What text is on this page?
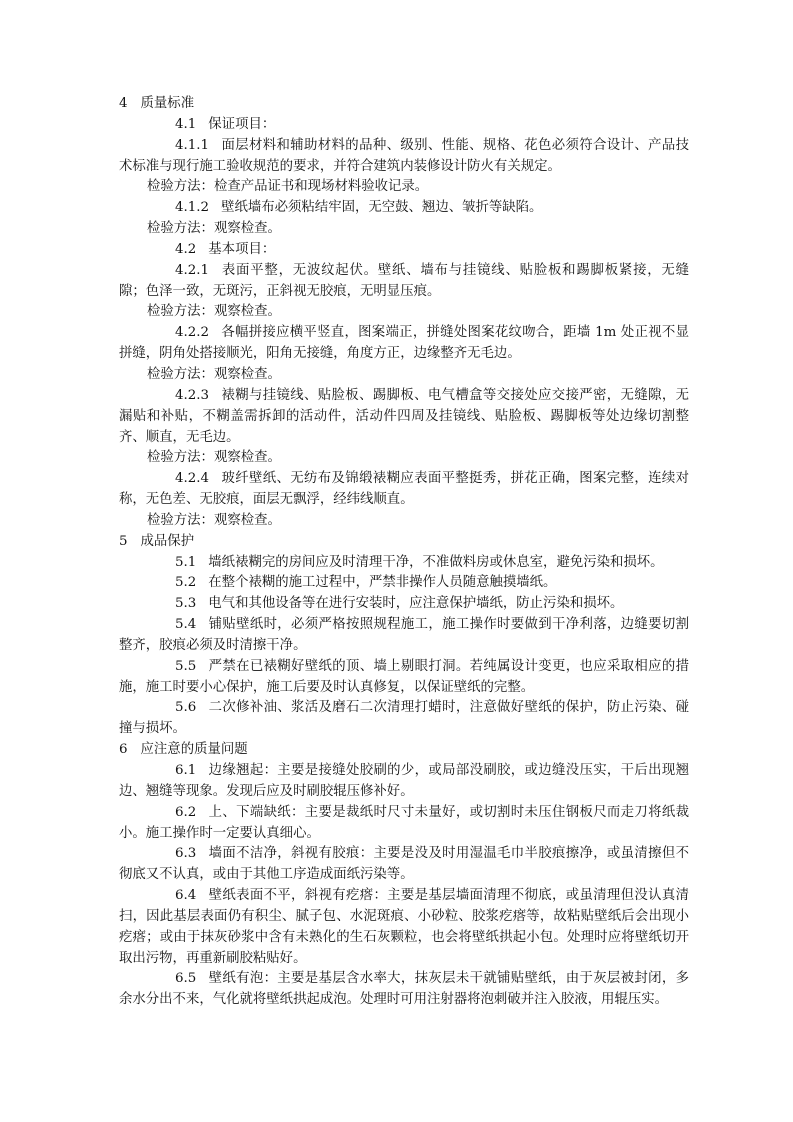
4 质量标准

4.1 保证项目：

4.1.1 面层材料和辅助材料的品种、级别、性能、规格、花色必须符合设计、产品技术标准与现行施工验收规范的要求，并符合建筑内装修设计防火有关规定。

检验方法：检查产品证书和现场材料验收记录。

4.1.2 壁纸墙布必须粘结牢固，无空鼓、翘边、皱折等缺陷。

检验方法：观察检查。

4.2 基本项目：

4.2.1 表面平整，无波纹起伏。壁纸、墙布与挂镜线、贴脸板和踢脚板紧接，无缝隙；色泽一致，无斑污，正斜视无胶痕，无明显压痕。

检验方法：观察检查。

4.2.2 各幅拼接应横平竖直，图案端正，拼缝处图案花纹吻合，距墙 1m 处正视不显拼缝，阴角处搭接顺光，阳角无接缝，角度方正，边缘整齐无毛边。

检验方法：观察检查。

4.2.3 裱糊与挂镜线、贴脸板、踢脚板、电气槽盒等交接处应交接严密，无缝隙，无漏贴和补贴，不糊盖需拆卸的活动件，活动件四周及挂镜线、贴脸板、踢脚板等处边缘切割整齐、顺直，无毛边。

检验方法：观察检查。

4.2.4 玻纤壁纸、无纺布及锦缎裱糊应表面平整挺秀，拼花正确，图案完整，连续对称，无色差、无胶痕，面层无飘浮，经纬线顺直。

检验方法：观察检查。

5 成品保护

5.1 墙纸裱糊完的房间应及时清理干净，不准做料房或休息室，避免污染和损坏。

5.2 在整个裱糊的施工过程中，严禁非操作人员随意触摸墙纸。

5.3 电气和其他设备等在进行安装时，应注意保护墙纸，防止污染和损坏。

5.4 铺贴壁纸时，必须严格按照规程施工，施工操作时要做到干净利落，边缝要切割整齐，胶痕必须及时清擦干净。

5.5 严禁在已裱糊好壁纸的顶、墙上剔眼打洞。若纯属设计变更，也应采取相应的措施，施工时要小心保护，施工后要及时认真修复，以保证壁纸的完整。

5.6 二次修补油、浆活及磨石二次清理打蜡时，注意做好壁纸的保护，防止污染、碰撞与损坏。

6 应注意的质量问题

6.1 边缘翘起：主要是接缝处胶刷的少，或局部没刷胶，或边缝没压实，干后出现翘边、翘缝等现象。发现后应及时刷胶辊压修补好。

6.2 上、下端缺纸：主要是裁纸时尺寸未量好，或切割时未压住钢板尺而走刀将纸裁小。施工操作时一定要认真细心。

6.3 墙面不洁净，斜视有胶痕：主要是没及时用湿温毛巾半胶痕擦净，或虽清擦但不彻底又不认真，或由于其他工序造成面纸污染等。

6.4 壁纸表面不平，斜视有疙瘩：主要是基层墙面清理不彻底，或虽清理但没认真清扫，因此基层表面仍有积尘、腻子包、水泥斑痕、小砂粒、胶浆疙瘩等，故粘贴壁纸后会出现小疙瘩；或由于抹灰砂浆中含有未熟化的生石灰颗粒，也会将壁纸拱起小包。处理时应将壁纸切开取出污物，再重新刷胶粘贴好。

6.5 壁纸有泡：主要是基层含水率大，抹灰层未干就铺贴壁纸，由于灰层被封闭，多余水分出不来，气化就将壁纸拱起成泡。处理时可用注射器将泡刺破并注入胶液，用辊压实。
